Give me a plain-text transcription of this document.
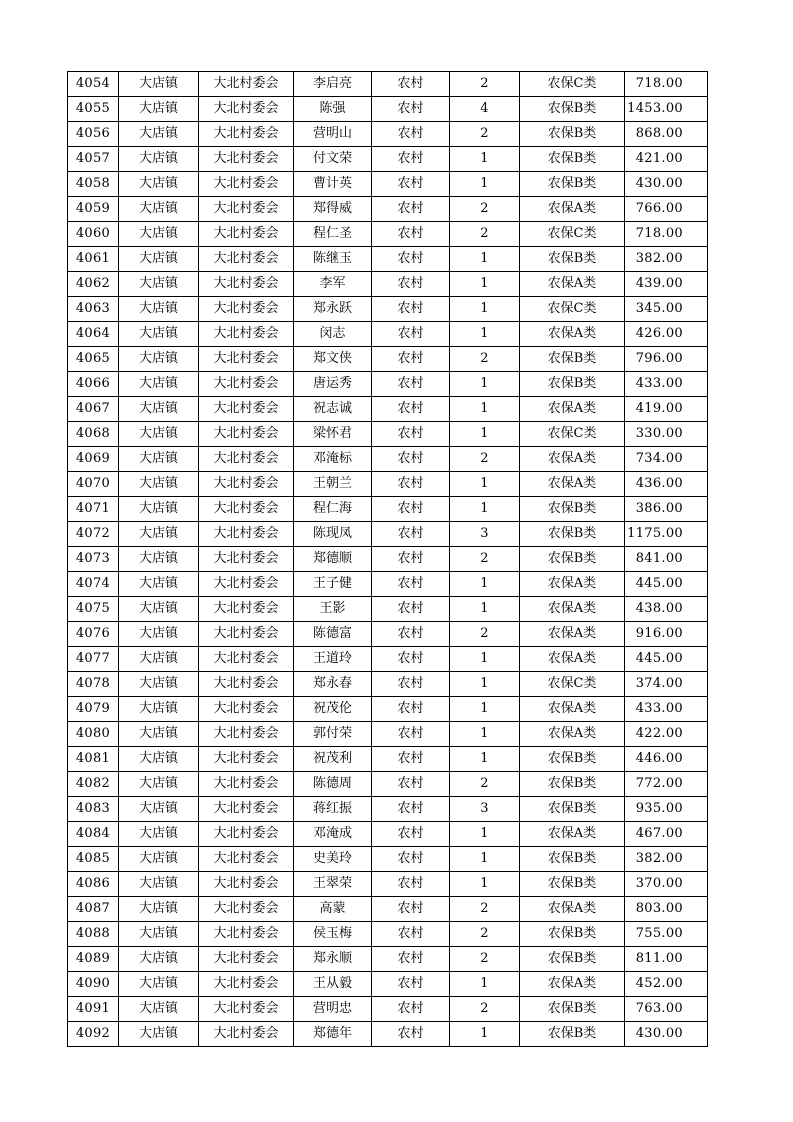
4054	大店镇	大北村委会	李启亮	农村	2	农保C类	718.00
4055	大店镇	大北村委会	陈强	农村	4	农保B类	1453.00
4056	大店镇	大北村委会	营明山	农村	2	农保B类	868.00
4057	大店镇	大北村委会	付文荣	农村	1	农保B类	421.00
4058	大店镇	大北村委会	曹计英	农村	1	农保B类	430.00
4059	大店镇	大北村委会	郑得威	农村	2	农保A类	766.00
4060	大店镇	大北村委会	程仁圣	农村	2	农保C类	718.00
4061	大店镇	大北村委会	陈继玉	农村	1	农保B类	382.00
4062	大店镇	大北村委会	李军	农村	1	农保A类	439.00
4063	大店镇	大北村委会	郑永跃	农村	1	农保C类	345.00
4064	大店镇	大北村委会	闵志	农村	1	农保A类	426.00
4065	大店镇	大北村委会	郑文侠	农村	2	农保B类	796.00
4066	大店镇	大北村委会	唐运秀	农村	1	农保B类	433.00
4067	大店镇	大北村委会	祝志诚	农村	1	农保A类	419.00
4068	大店镇	大北村委会	梁怀君	农村	1	农保C类	330.00
4069	大店镇	大北村委会	邓淹标	农村	2	农保A类	734.00
4070	大店镇	大北村委会	王朝兰	农村	1	农保A类	436.00
4071	大店镇	大北村委会	程仁海	农村	1	农保B类	386.00
4072	大店镇	大北村委会	陈现凤	农村	3	农保B类	1175.00
4073	大店镇	大北村委会	郑德顺	农村	2	农保B类	841.00
4074	大店镇	大北村委会	王子健	农村	1	农保A类	445.00
4075	大店镇	大北村委会	王影	农村	1	农保A类	438.00
4076	大店镇	大北村委会	陈德富	农村	2	农保A类	916.00
4077	大店镇	大北村委会	王道玲	农村	1	农保A类	445.00
4078	大店镇	大北村委会	郑永春	农村	1	农保C类	374.00
4079	大店镇	大北村委会	祝茂伦	农村	1	农保A类	433.00
4080	大店镇	大北村委会	郭付荣	农村	1	农保A类	422.00
4081	大店镇	大北村委会	祝茂利	农村	1	农保B类	446.00
4082	大店镇	大北村委会	陈德周	农村	2	农保B类	772.00
4083	大店镇	大北村委会	蒋红振	农村	3	农保B类	935.00
4084	大店镇	大北村委会	邓淹成	农村	1	农保A类	467.00
4085	大店镇	大北村委会	史美玲	农村	1	农保B类	382.00
4086	大店镇	大北村委会	王翠荣	农村	1	农保B类	370.00
4087	大店镇	大北村委会	高蒙	农村	2	农保A类	803.00
4088	大店镇	大北村委会	侯玉梅	农村	2	农保B类	755.00
4089	大店镇	大北村委会	郑永顺	农村	2	农保B类	811.00
4090	大店镇	大北村委会	王从毅	农村	1	农保A类	452.00
4091	大店镇	大北村委会	营明忠	农村	2	农保B类	763.00
4092	大店镇	大北村委会	郑德年	农村	1	农保B类	430.00
